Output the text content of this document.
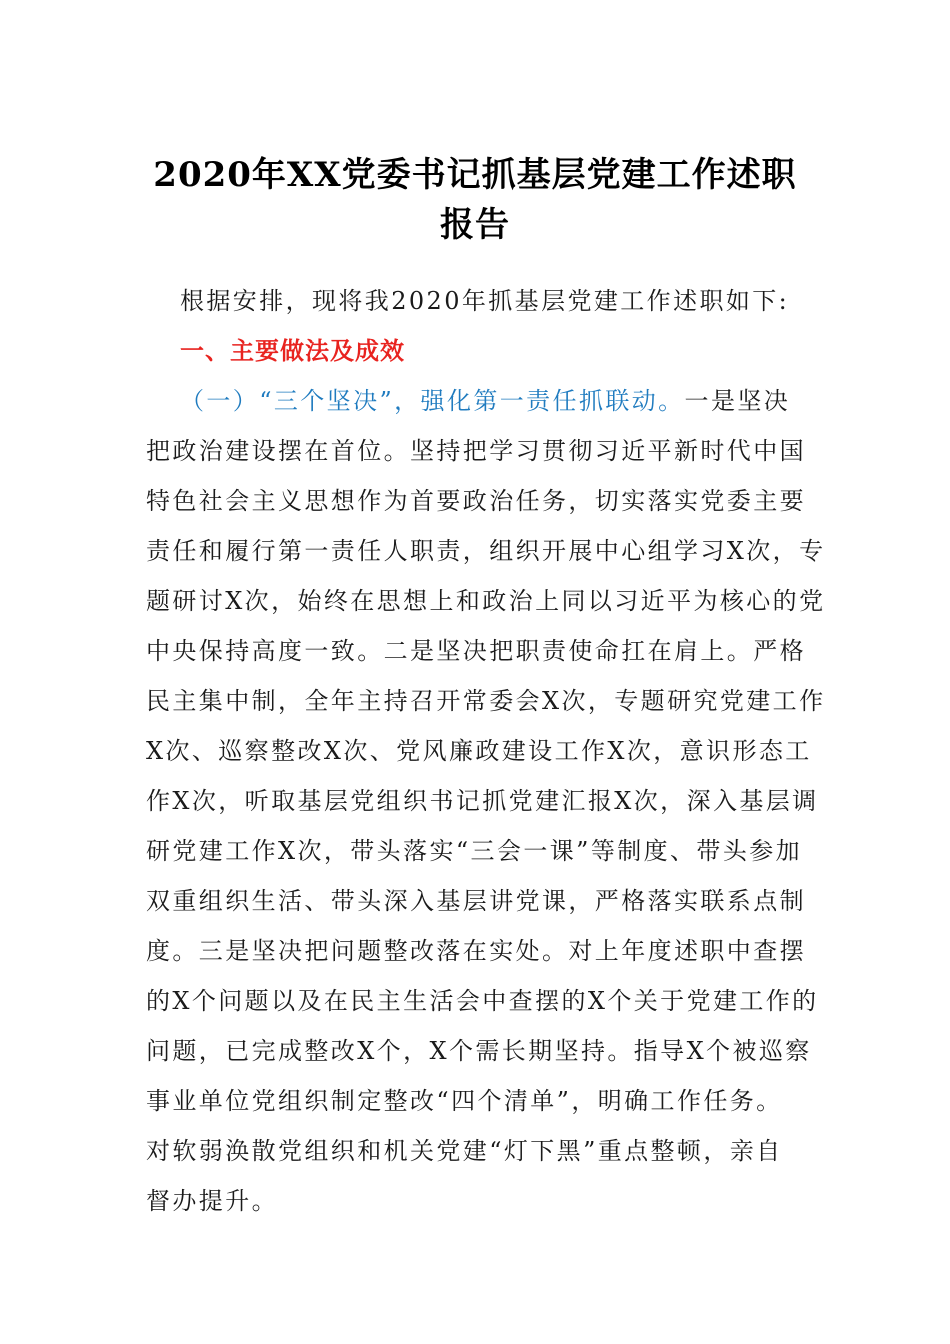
2020年XX党委书记抓基层党建工作述职
报告
根据安排，现将我2020年抓基层党建工作述职如下:
一、主要做法及成效
（一）“三个坚决”，强化第一责任抓联动。一是坚决
把政治建设摆在首位。坚持把学习贯彻习近平新时代中国
特色社会主义思想作为首要政治任务，切实落实党委主要
责任和履行第一责任人职责，组织开展中心组学习X次，专
题研讨X次，始终在思想上和政治上同以习近平为核心的党
中央保持高度一致。二是坚决把职责使命扛在肩上。严格
民主集中制，全年主持召开常委会X次，专题研究党建工作
X次、巡察整改X次、党风廉政建设工作X次，意识形态工
作X次，听取基层党组织书记抓党建汇报X次，深入基层调
研党建工作X次，带头落实“三会一课”等制度、带头参加
双重组织生活、带头深入基层讲党课，严格落实联系点制
度。三是坚决把问题整改落在实处。对上年度述职中查摆
的X个问题以及在民主生活会中查摆的X个关于党建工作的
问题，已完成整改X个，X个需长期坚持。指导X个被巡察
事业单位党组织制定整改“四个清单”，明确工作任务。
对软弱涣散党组织和机关党建“灯下黑”重点整顿，亲自
督办提升。
